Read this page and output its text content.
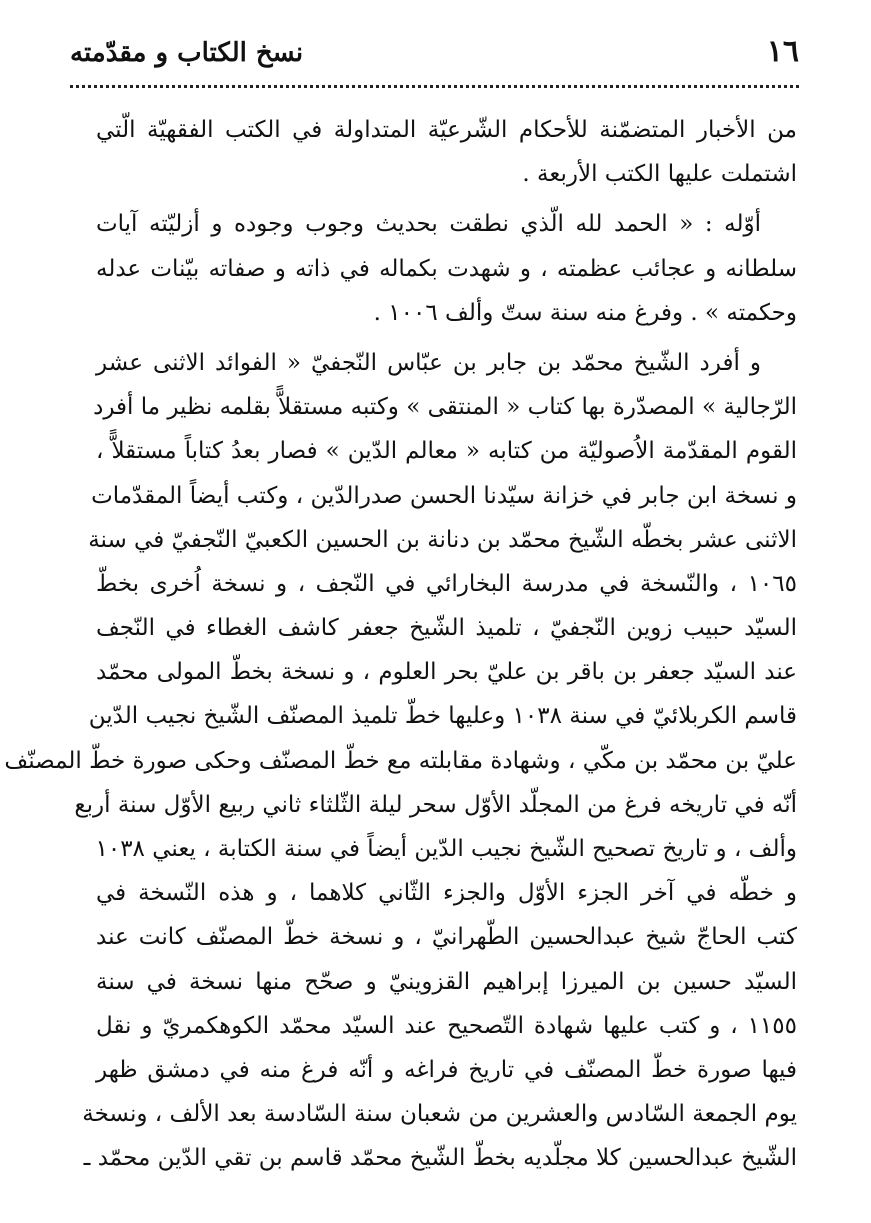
١٦
نسخ الكتاب و مقدّمته
من الأخبار المتضمّنة للأحكام الشّرعيّة المتداولة في الكتب الفقهيّة الّتي
اشتملت عليها الكتب الأربعة .
أوّله : « الحمد لله الّذي نطقت بحديث وجوب وجوده و أزليّته آيات
سلطانه و عجائب عظمته ، و شهدت بكماله في ذاته و صفاته بيّنات عدله
وحكمته » . وفرغ منه سنة ستّ وألف ١٠٠٦ .
و أفرد الشّيخ محمّد بن جابر بن عبّاس النّجفيّ « الفوائد الاثنى عشر
الرّجالية » المصدّرة بها كتاب « المنتقى » وكتبه مستقلاًّ بقلمه نظير ما أفرد
القوم المقدّمة الاُصوليّة من كتابه « معالم الدّين » فصار بعدُ كتاباً مستقلاًّ ،
و نسخة ابن جابر في خزانة سيّدنا الحسن صدرالدّين ، وكتب أيضاً المقدّمات
الاثنى عشر بخطّه الشّيخ محمّد بن دنانة بن الحسين الكعبيّ النّجفيّ في سنة
١٠٦٥ ، والنّسخة في مدرسة البخارائي في النّجف ، و نسخة اُخرى بخطّ
السيّد حبيب زوين النّجفيّ ، تلميذ الشّيخ جعفر كاشف الغطاء في النّجف
عند السيّد جعفر بن باقر بن عليّ بحر العلوم ، و نسخة بخطّ المولى محمّد
قاسم الكربلائيّ في سنة ١٠٣٨ وعليها خطّ تلميذ المصنّف الشّيخ نجيب الدّين
عليّ بن محمّد بن مكّي ، وشهادة مقابلته مع خطّ المصنّف وحكى صورة خطّ المصنّف
أنّه في تاريخه فرغ من المجلّد الأوّل سحر ليلة الثّلثاء ثاني ربيع الأوّل سنة أربع
وألف ، و تاريخ تصحيح الشّيخ نجيب الدّين أيضاً في سنة الكتابة ، يعني ١٠٣٨
و خطّه في آخر الجزء الأوّل والجزء الثّاني كلاهما ، و هذه النّسخة في
كتب الحاجّ شيخ عبدالحسين الطّهرانيّ ، و نسخة خطّ المصنّف كانت عند
السيّد حسين بن الميرزا إبراهيم القزوينيّ و صحّح منها نسخة في سنة
١١٥٥ ، و كتب عليها شهادة التّصحيح عند السيّد محمّد الكوهكمريّ و نقل
فيها صورة خطّ المصنّف في تاريخ فراغه و أنّه فرغ منه في دمشق ظهر
يوم الجمعة السّادس والعشرين من شعبان سنة السّادسة بعد الألف ، ونسخة
الشّيخ عبدالحسين كلا مجلّديه بخطّ الشّيخ محمّد قاسم بن تقي الدّين محمّد ـ
